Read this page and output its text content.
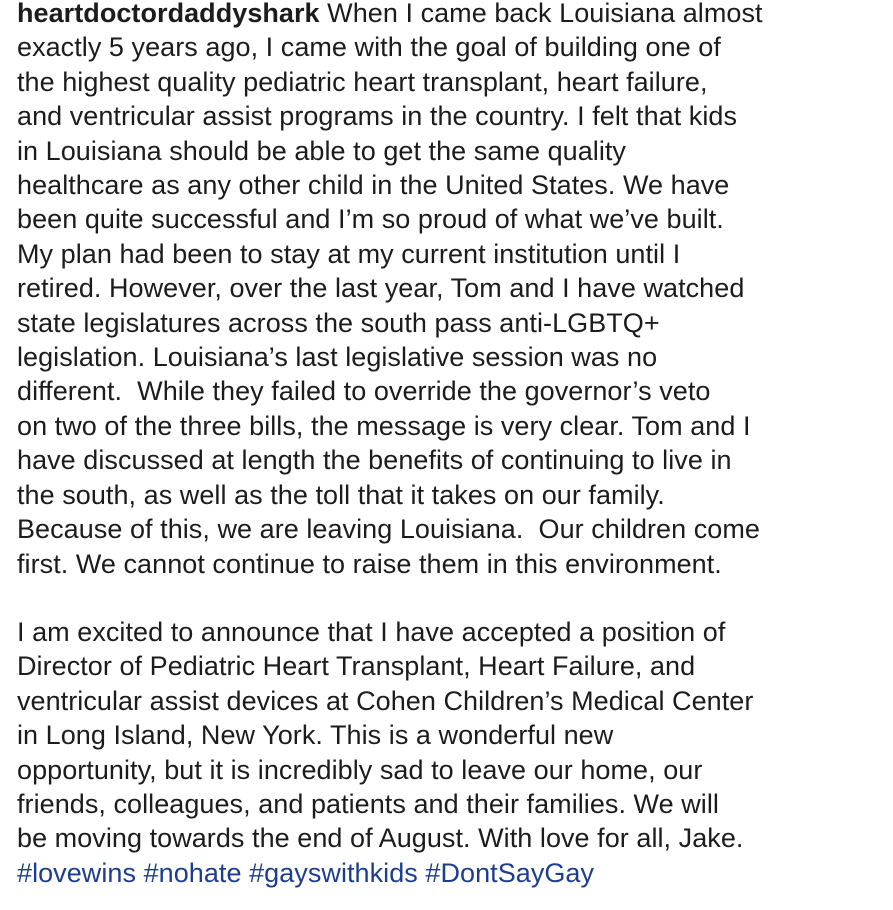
heartdoctordaddyshark When I came back Louisiana almost
exactly 5 years ago, I came with the goal of building one of
the highest quality pediatric heart transplant, heart failure,
and ventricular assist programs in the country. I felt that kids
in Louisiana should be able to get the same quality
healthcare as any other child in the United States. We have
been quite successful and I’m so proud of what we’ve built.
My plan had been to stay at my current institution until I
retired. However, over the last year, Tom and I have watched
state legislatures across the south pass anti-LGBTQ+
legislation. Louisiana’s last legislative session was no
different.  While they failed to override the governor’s veto
on two of the three bills, the message is very clear. Tom and I
have discussed at length the benefits of continuing to live in
the south, as well as the toll that it takes on our family.
Because of this, we are leaving Louisiana.  Our children come
first. We cannot continue to raise them in this environment.

I am excited to announce that I have accepted a position of
Director of Pediatric Heart Transplant, Heart Failure, and
ventricular assist devices at Cohen Children’s Medical Center
in Long Island, New York. This is a wonderful new
opportunity, but it is incredibly sad to leave our home, our
friends, colleagues, and patients and their families. We will
be moving towards the end of August. With love for all, Jake.
#lovewins #nohate #gayswithkids #DontSayGay
